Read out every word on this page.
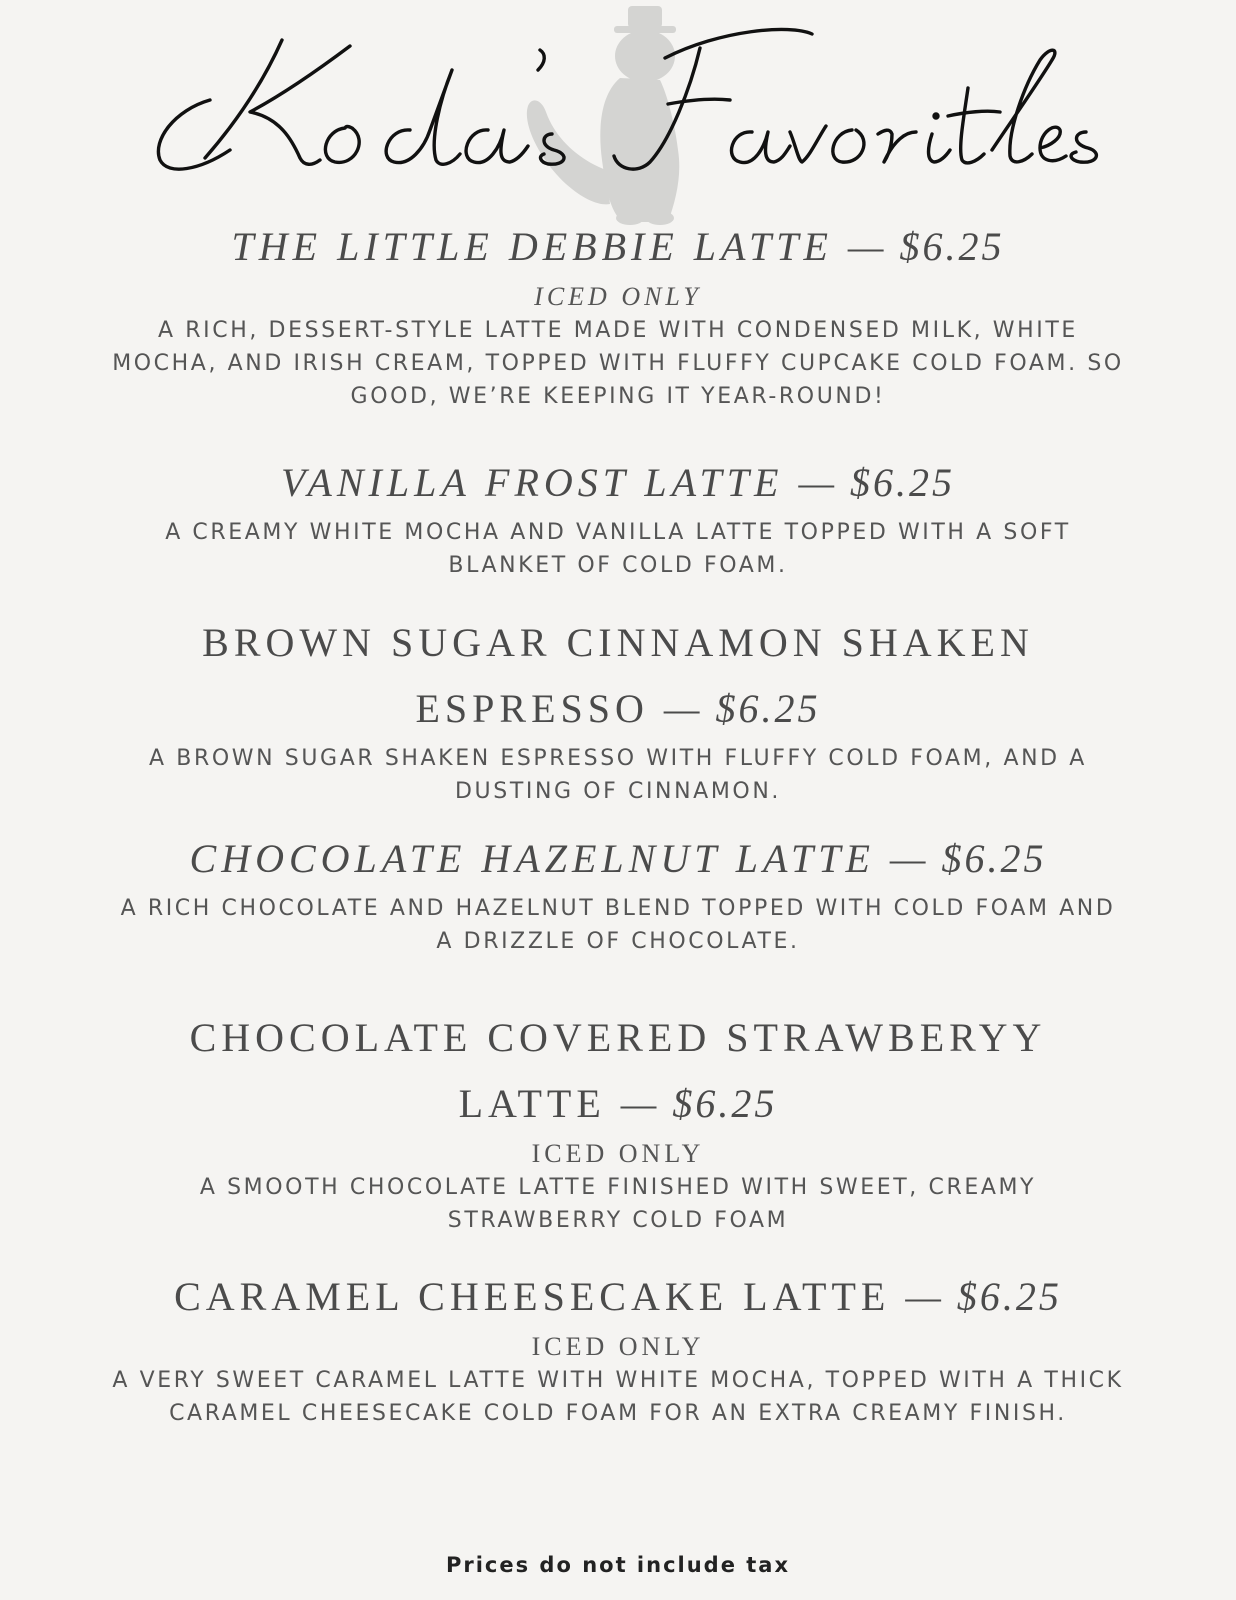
THE LITTLE DEBBIE LATTE — $6.25
ICED ONLY

A RICH, DESSERT-STYLE LATTE MADE WITH CONDENSED MILK, WHITE MOCHA, AND IRISH CREAM, TOPPED WITH FLUFFY CUPCAKE COLD FOAM. SO GOOD, WE’RE KEEPING IT YEAR-ROUND!

VANILLA FROST LATTE — $6.25

A CREAMY WHITE MOCHA AND VANILLA LATTE TOPPED WITH A SOFT BLANKET OF COLD FOAM.

BROWN SUGAR CINNAMON SHAKEN
ESPRESSO — $6.25

A BROWN SUGAR SHAKEN ESPRESSO WITH FLUFFY COLD FOAM, AND A DUSTING OF CINNAMON.

CHOCOLATE HAZELNUT LATTE — $6.25

A RICH CHOCOLATE AND HAZELNUT BLEND TOPPED WITH COLD FOAM AND A DRIZZLE OF CHOCOLATE.

CHOCOLATE COVERED STRAWBERYY
LATTE — $6.25
ICED ONLY

A SMOOTH CHOCOLATE LATTE FINISHED WITH SWEET, CREAMY STRAWBERRY COLD FOAM

CARAMEL CHEESECAKE LATTE — $6.25
ICED ONLY

A VERY SWEET CARAMEL LATTE WITH WHITE MOCHA, TOPPED WITH A THICK CARAMEL CHEESECAKE COLD FOAM FOR AN EXTRA CREAMY FINISH.

Prices do not include tax
